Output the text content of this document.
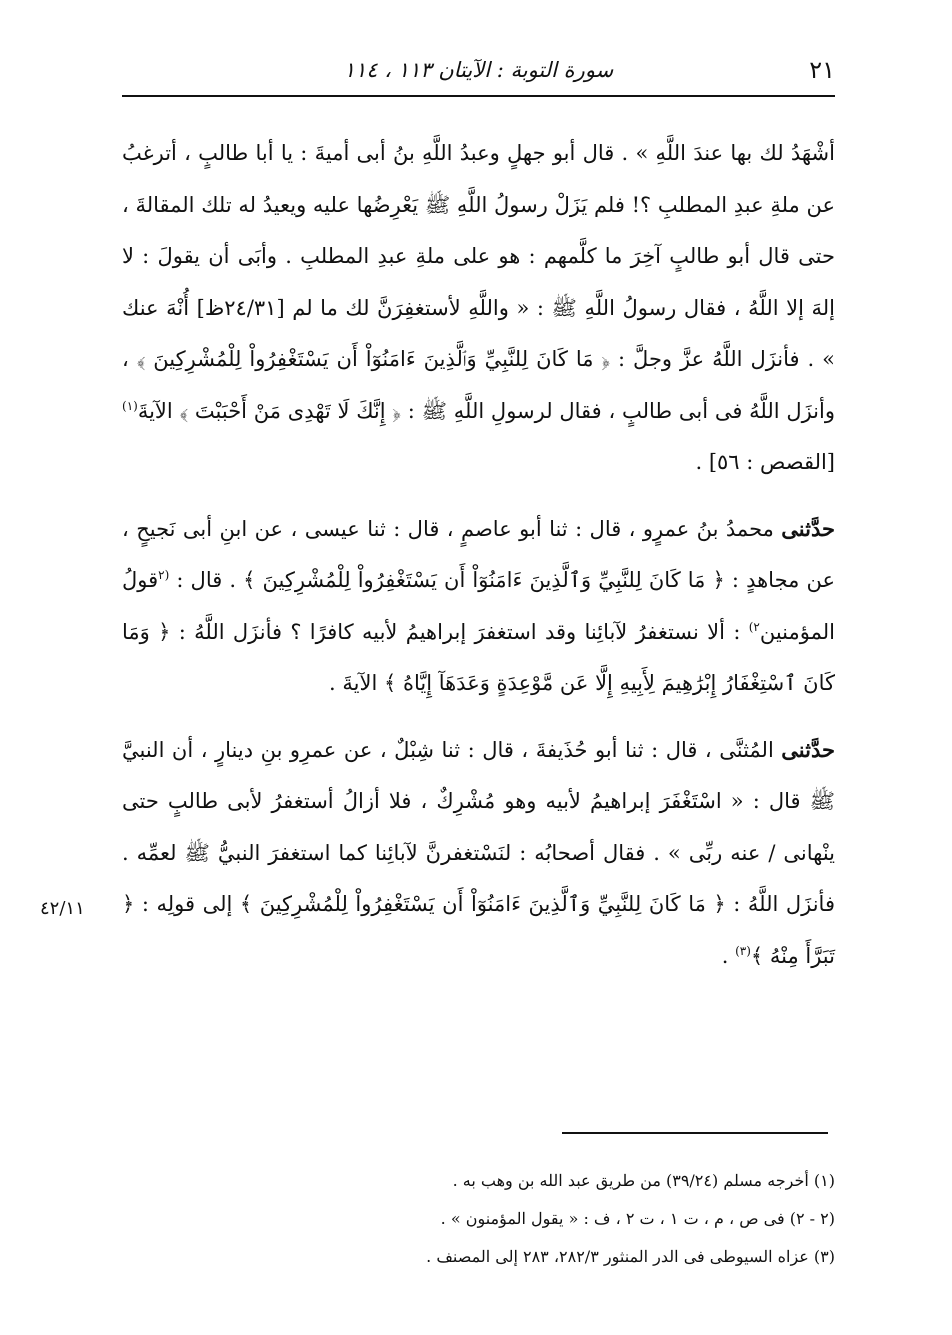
٢١
سورة التوبة : الآيتان ١١٣ ، ١١٤

أشْهَدُ لك بها عندَ اللَّهِ » . قال أبو جهلٍ وعبدُ اللَّهِ بنُ أبى أميةَ : يا أبا طالبٍ ، أترغبُ عن ملةِ عبدِ المطلبِ ؟! فلم يَزَلْ رسولُ اللَّهِ ﷺ يَعْرِضُها عليه ويعيدُ له تلك المقالةَ ، حتى قال أبو طالبٍ آخِرَ ما كلَّمهم : هو على ملةِ عبدِ المطلبِ . وأبَى أن يقولَ : لا إلهَ إلا اللَّهُ ، فقال رسولُ اللَّهِ ﷺ : « واللَّهِ لأستغفِرَنَّ لك ما لم [٢٤/٣١ظ] أُنْهَ عنك » . فأنزَل اللَّهُ عزَّ وجلَّ : ﴿ مَا كَانَ لِلنَّبِيِّ وَٱلَّذِينَ ءَامَنُوٓاْ أَن يَسْتَغْفِرُواْ لِلْمُشْرِكِينَ ﴾ ، وأنزَل اللَّهُ فى أبى طالبٍ ، فقال لرسولِ اللَّهِ ﷺ : ﴿ إِنَّكَ لَا تَهْدِى مَنْ أَحْبَبْتَ ﴾ الآيةَ$^{(١)}$ [القصص : ٥٦] .

حدَّثنى محمدُ بنُ عمرٍو ، قال : ثنا أبو عاصمٍ ، قال : ثنا عيسى ، عن ابنِ أبى نَجيحٍ ، عن مجاهدٍ : ﴿ مَا كَانَ لِلنَّبِيِّ وَٱلَّذِينَ ءَامَنُوٓاْ أَن يَسْتَغْفِرُواْ لِلْمُشْرِكِينَ ﴾ . قال : $^{(٢}$قولُ المؤمنين$^{٢)}$ : ألا نستغفرُ لآبائِنا وقد استغفرَ إبراهيمُ لأبيه كافرًا ؟ فأنزَل اللَّهُ : ﴿ وَمَا كَانَ ٱسْتِغْفَارُ إِبْرَٰهِيمَ لِأَبِيهِ إِلَّا عَن مَّوْعِدَةٍ وَعَدَهَآ إِيَّاهُ ﴾ الآيةَ .

حدَّثنى المُثنَّى ، قال : ثنا أبو حُذَيفةَ ، قال : ثنا شِبْلٌ ، عن عمرِو بنِ دينارٍ ، أن النبيَّ ﷺ قال : « اسْتَغْفَرَ إبراهيمُ لأبيه وهو مُشْرِكٌ ، فلا أزالُ أستغفرُ لأبى طالبٍ حتى ينْهانى / عنه ربِّى » . فقال أصحابُه : لنَسْتغفرنَّ لآبائِنا كما استغفرَ النبيُّ ﷺ لعمِّه . فأنزَل اللَّهُ : ﴿ مَا كَانَ لِلنَّبِيِّ وَٱلَّذِينَ ءَامَنُوٓاْ أَن يَسْتَغْفِرُواْ لِلْمُشْرِكِينَ ﴾ إلى قولِه : ﴿ تَبَرَّأَ مِنْهُ ﴾$^{(٣)}$ .

٤٢/١١

(١) أخرجه مسلم (٣٩/٢٤) من طريق عبد الله بن وهب به .

(٢ - ٢) فى ص ، م ، ت ١ ، ت ٢ ، ف : « يقول المؤمنون » .

(٣) عزاه السيوطى فى الدر المنثور ٢٨٢/٣، ٢٨٣ إلى المصنف .
